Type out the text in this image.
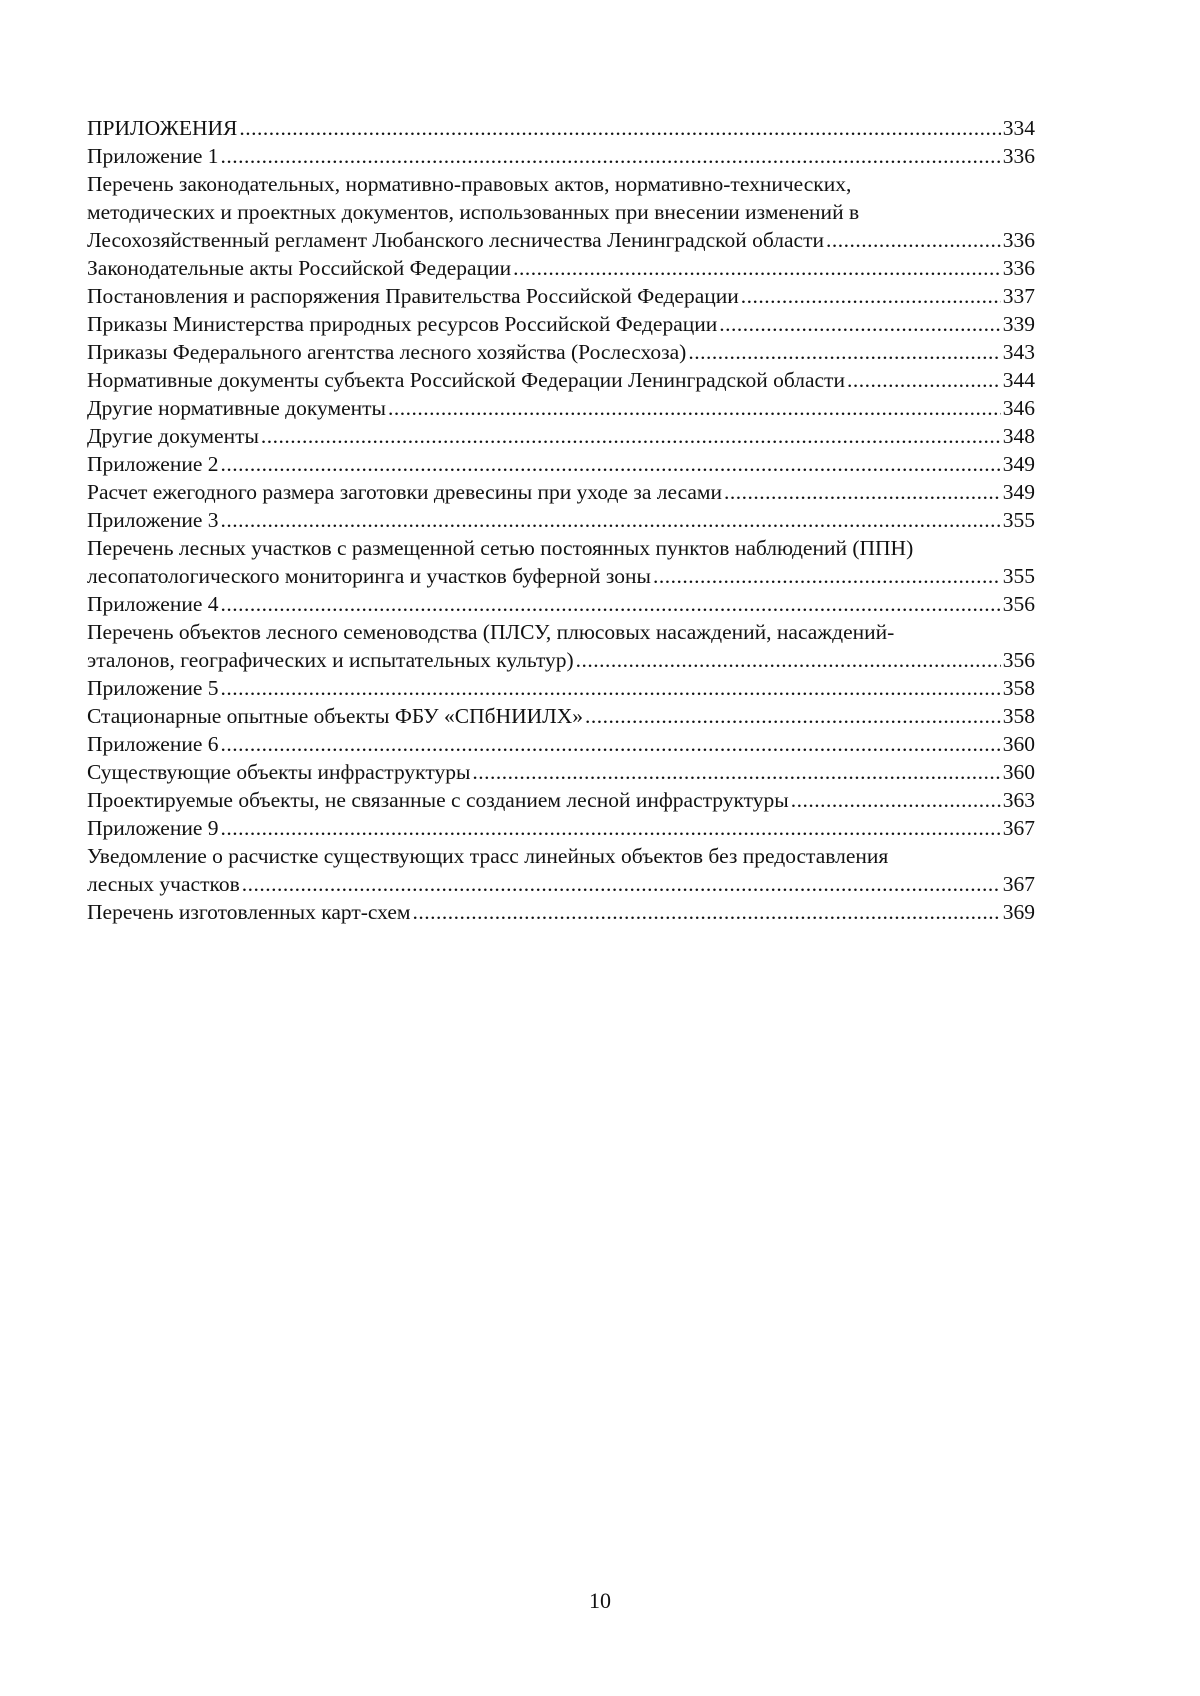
ПРИЛОЖЕНИЯ .....	334
Приложение 1 .....	336
Перечень законодательных, нормативно-правовых актов, нормативно-технических,
методических и проектных документов, использованных при внесении изменений в
Лесохозяйственный регламент Любанского лесничества Ленинградской области .....	336
Законодательные акты Российской Федерации .....	336
Постановления и распоряжения Правительства Российской Федерации .....	337
Приказы Министерства природных ресурсов Российской Федерации .....	339
Приказы Федерального агентства лесного хозяйства (Рослесхоза) .....	343
Нормативные документы субъекта Российской Федерации Ленинградской области .....	344
Другие нормативные документы .....	346
Другие документы .....	348
Приложение 2 .....	349
Расчет ежегодного размера заготовки древесины при уходе за лесами .....	349
Приложение 3 .....	355
Перечень лесных участков с размещенной сетью постоянных пунктов наблюдений (ППН)
лесопатологического мониторинга и участков буферной зоны .....	355
Приложение 4 .....	356
Перечень объектов лесного семеноводства (ПЛСУ, плюсовых насаждений, насаждений-
эталонов, географических и испытательных культур) .....	356
Приложение 5 .....	358
Стационарные опытные объекты ФБУ «СПбНИИЛХ» .....	358
Приложение 6 .....	360
Существующие объекты инфраструктуры .....	360
Проектируемые объекты, не связанные с созданием лесной инфраструктуры .....	363
Приложение 9 .....	367
Уведомление о расчистке существующих трасс линейных объектов без предоставления
лесных участков .....	367
Перечень изготовленных карт-схем .....	369
10
